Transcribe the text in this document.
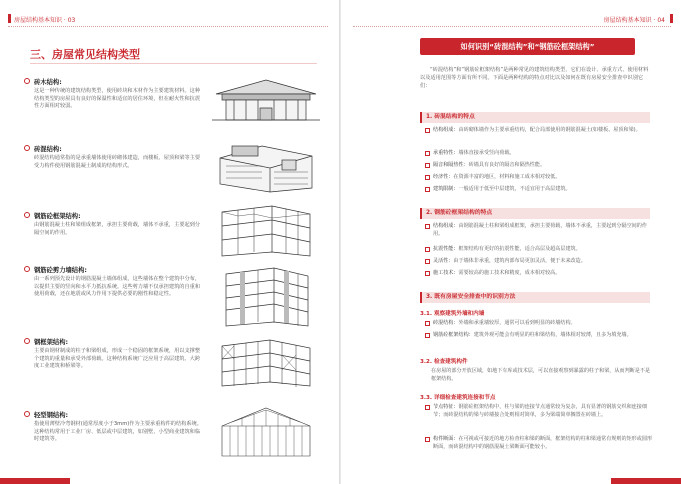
房屋结构基本知识 · 03
三、房屋常见结构类型
砖木结构:
这是一种传统的建筑结构类型，使用砖块和木材作为主要建筑材料。这种结构类型的房屋具有良好的保温性和适宜的居住环境，但在耐火性和抗震性方面相对较弱。
砖混结构:
砖混结构通常指的是承重墙体使用砖砌体建造，而楼板、屋顶和梁等主要受力构件使用钢筋混凝土制成的结构形式。
钢筋砼框架结构:
由钢筋混凝土柱和梁组成框架，承担主要荷载，墙体不承重，主要起到分隔空间的作用。
钢筋砼剪力墙结构:
由一系列预先设计的钢筋混凝土墙体组成，这些墙体在整个建筑中分布，以提供主要的竖向和水平力抵抗系统。这些剪力墙不仅承担建筑的自重和使用荷载，还在地震或风力作用下提供必要的刚性和稳定性。
钢框架结构:
主要由钢材制成的柱子和梁组成，形成一个稳固的框架系统，用以支撑整个建筑的重量和承受外部荷载。这种结构系统广泛应用于高层建筑、大跨度工业建筑和桥梁等。
轻型钢结构:
指使用薄壁冷弯钢材(通常厚度小于3mm)作为主要承重构件的结构系统。这种结构常用于工业厂房、低层或中层建筑，如别墅、小型商业建筑和临时建筑等。
房屋结构基本知识 · 04
如何识别“砖混结构”和“钢筋砼框架结构”
“砖混结构”和“钢筋砼框架结构”是两种常见的建筑结构类型，它们在设计、承重方式、使用材料以及适用范围等方面有所不同。下面是两种结构的特点对比以及如何在既有房屋安全排查中识别它们：
1. 砖混结构的特点
结构组成：由砖砌体墙作为主要承重结构，配合局部使用的钢筋混凝土(如楼板、屋顶和梁)。
承重特性：墙体直接承受竖向荷载。
隔音和隔热性：砖墙具有良好的隔音和隔热性能。
经济性：在资源丰富的地区，材料和施工成本相对较低。
建筑限制：一般适用于低至中层建筑，不适宜用于高层建筑。
2. 钢筋砼框架结构的特点
结构组成：由钢筋混凝土柱和梁组成框架，承担主要荷载，墙体不承重，主要起到分隔空间的作用。
抗震性能：框架结构有更好的抗震性能，适合高层及超高层建筑。
灵活性：由于墙体非承重，建筑内部布局更加灵活，便于未来改造。
施工技术：需要较高的施工技术和精度，成本相对较高。
3. 既有房屋安全排查中的识别方法
3.1. 观察建筑外墙和内墙
砖混结构：外墙和承重墙较厚，通常可以看到明显的砖墙结构。
钢筋砼框架结构：建筑外观可能会有明显的柱和梁结构，墙体相对较薄，且多为填充墙。
3.2. 检查建筑构件
在房屋的部分开放区域，如地下车库或技术层，可以直接观察到暴露的柱子和梁，从而判断是不是框架结构。
3.3. 详细检查建筑连接和节点
节点特征：钢筋砼框架结构中，柱与梁的连接节点通常较为复杂，具有显著的钢筋交织和连接细节；而砖混结构的梁与砖墙接合处则相对简单，多为梁端简单搁置在砖墙上。
构件断面：在可视或可接近的地方检查柱和梁的断面，框架结构的柱和梁通常有规则的矩形或圆形断面，而砖混结构中的钢筋混凝土梁断面可能较小。
